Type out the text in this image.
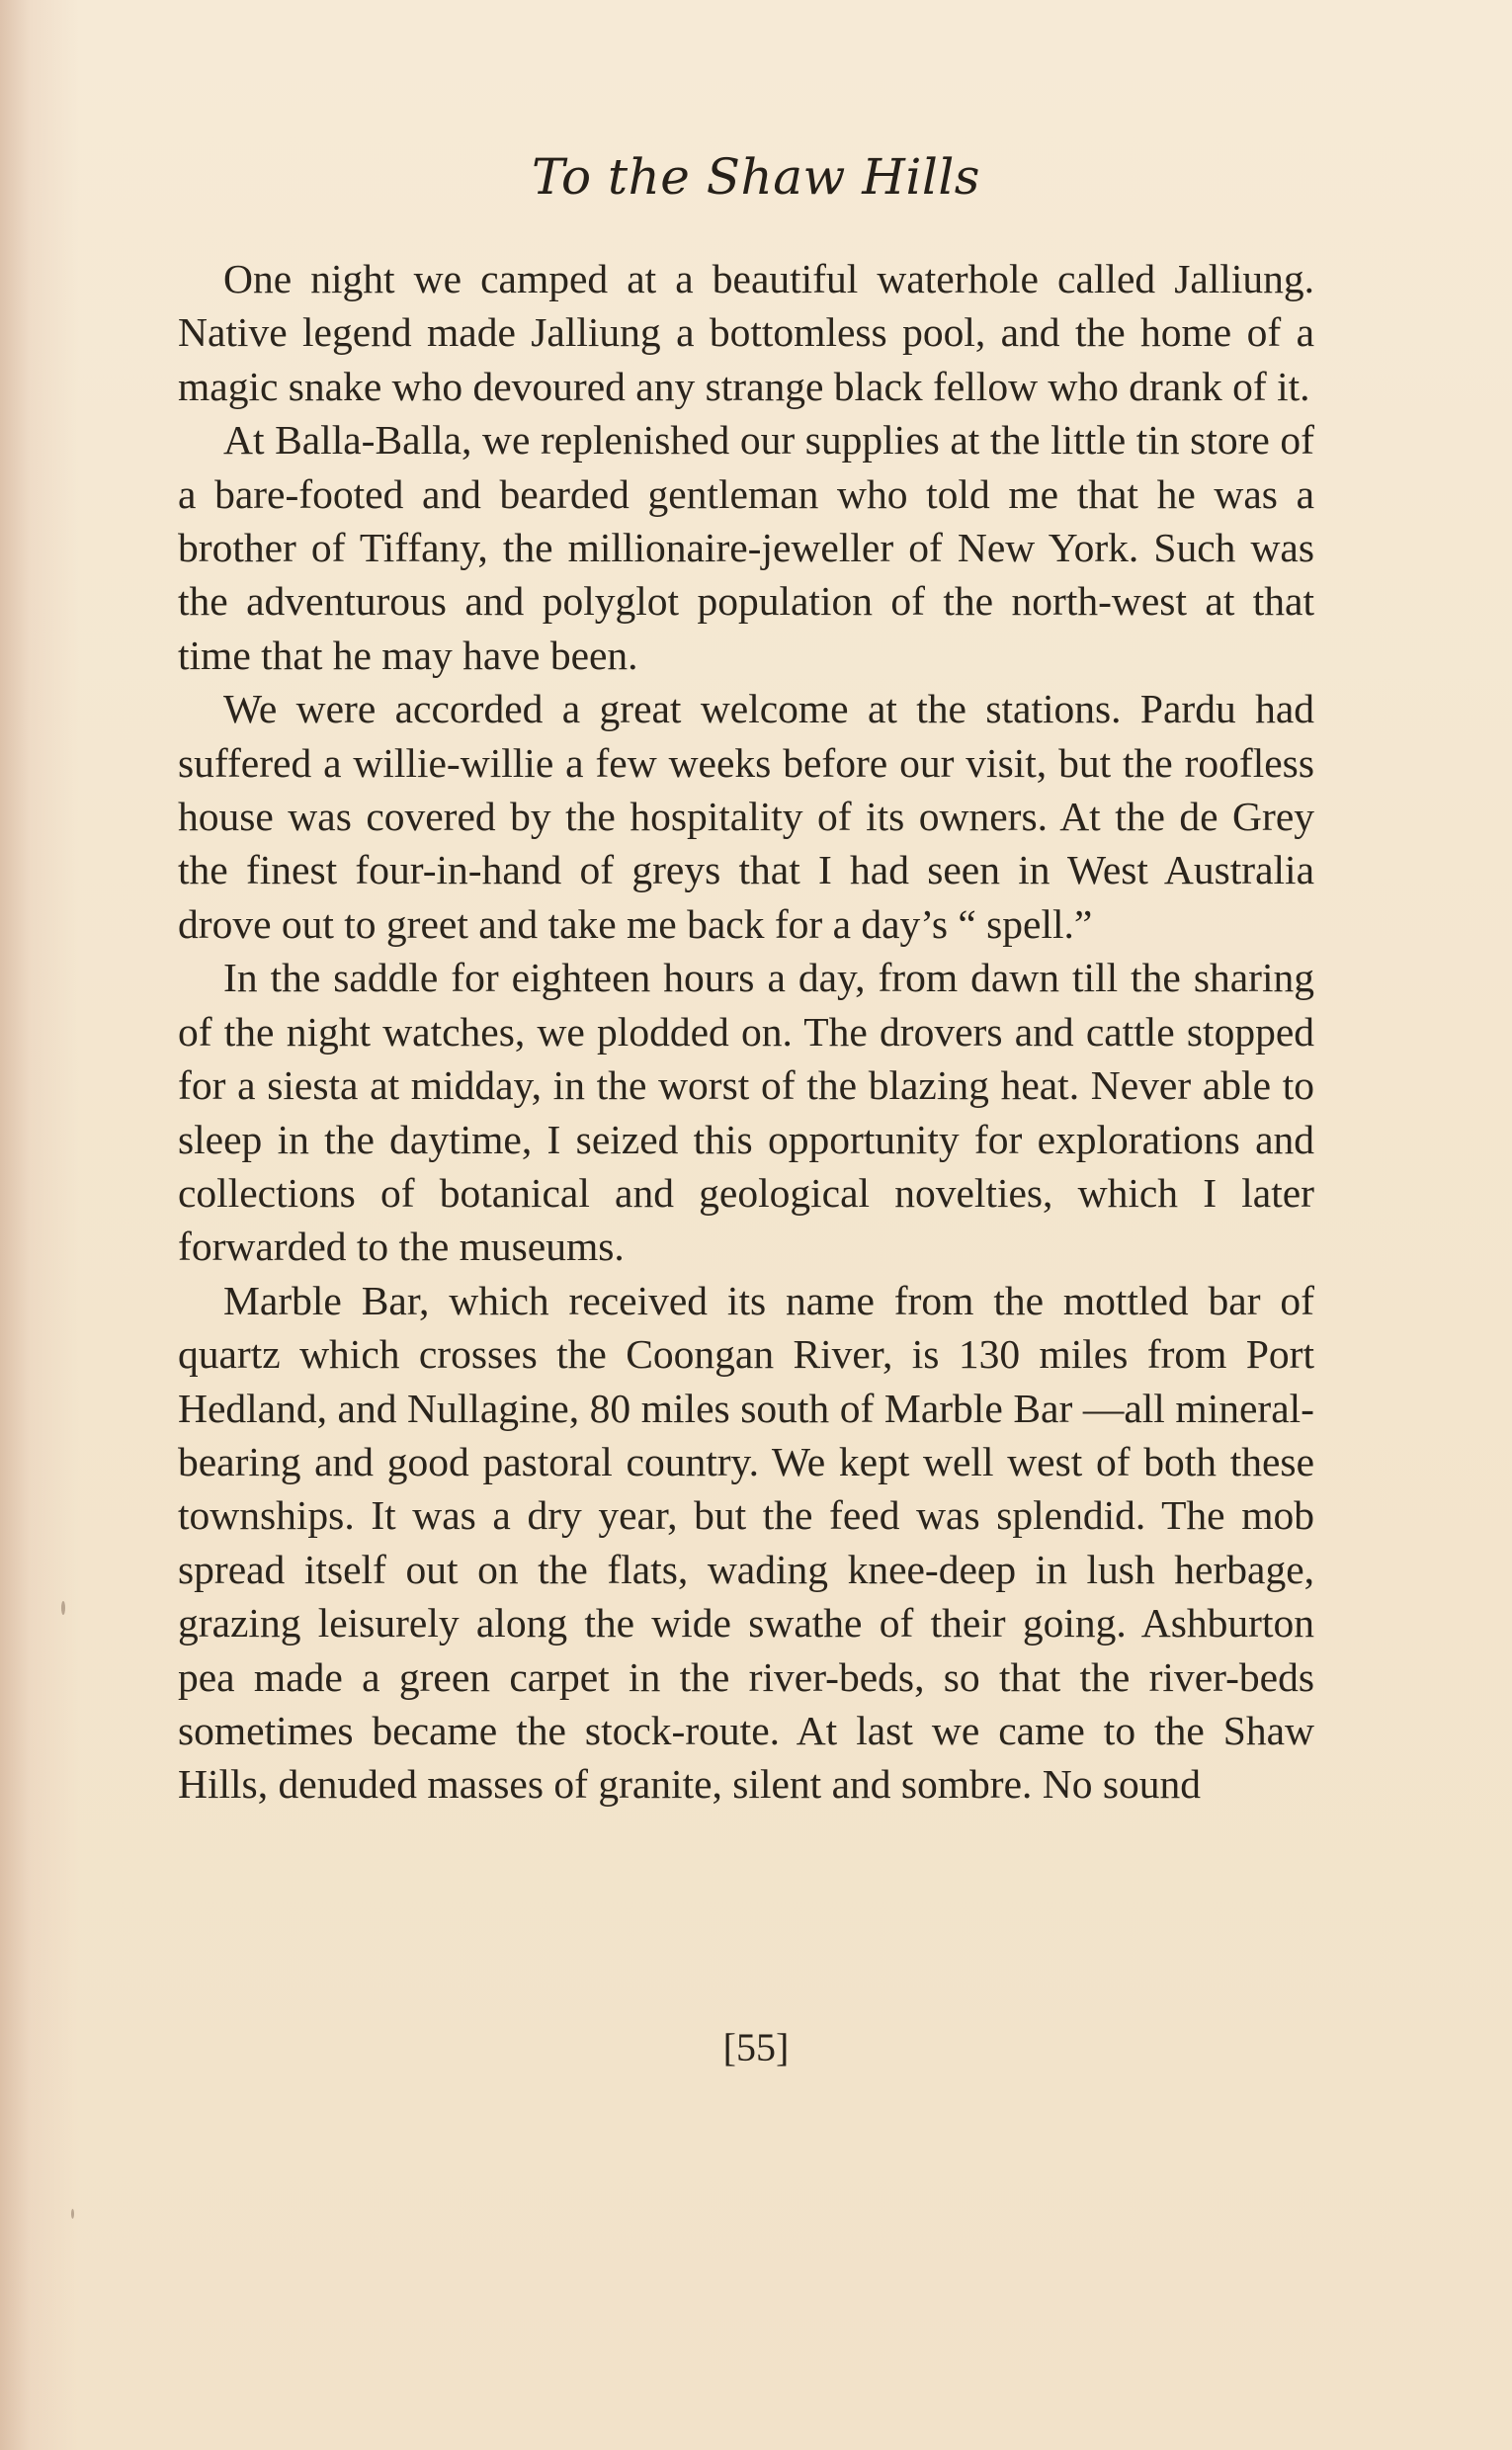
To the Shaw Hills

One night we camped at a beautiful waterhole called Jalliung. Native legend made Jalliung a bottomless pool, and the home of a magic snake who devoured any strange black fellow who drank of it.

At Balla-Balla, we replenished our supplies at the little tin store of a bare-footed and bearded gentleman who told me that he was a brother of Tiffany, the millionaire-jeweller of New York. Such was the adventurous and polyglot population of the north-west at that time that he may have been.

We were accorded a great welcome at the stations. Pardu had suffered a willie-willie a few weeks before our visit, but the roofless house was covered by the hospitality of its owners. At the de Grey the finest four-in-hand of greys that I had seen in West Australia drove out to greet and take me back for a day’s “ spell.”

In the saddle for eighteen hours a day, from dawn till the sharing of the night watches, we plodded on. The drovers and cattle stopped for a siesta at midday, in the worst of the blazing heat. Never able to sleep in the daytime, I seized this opportunity for explorations and collections of botanical and geological novelties, which I later forwarded to the museums.

Marble Bar, which received its name from the mottled bar of quartz which crosses the Coongan River, is 130 miles from Port Hedland, and Nullagine, 80 miles south of Marble Bar —all mineral-bearing and good pastoral country. We kept well west of both these townships. It was a dry year, but the feed was splendid. The mob spread itself out on the flats, wading knee-deep in lush herbage, grazing leisurely along the wide swathe of their going. Ashburton pea made a green carpet in the river-beds, so that the river-beds sometimes became the stock-route. At last we came to the Shaw Hills, denuded masses of granite, silent and sombre. No sound

[55]
